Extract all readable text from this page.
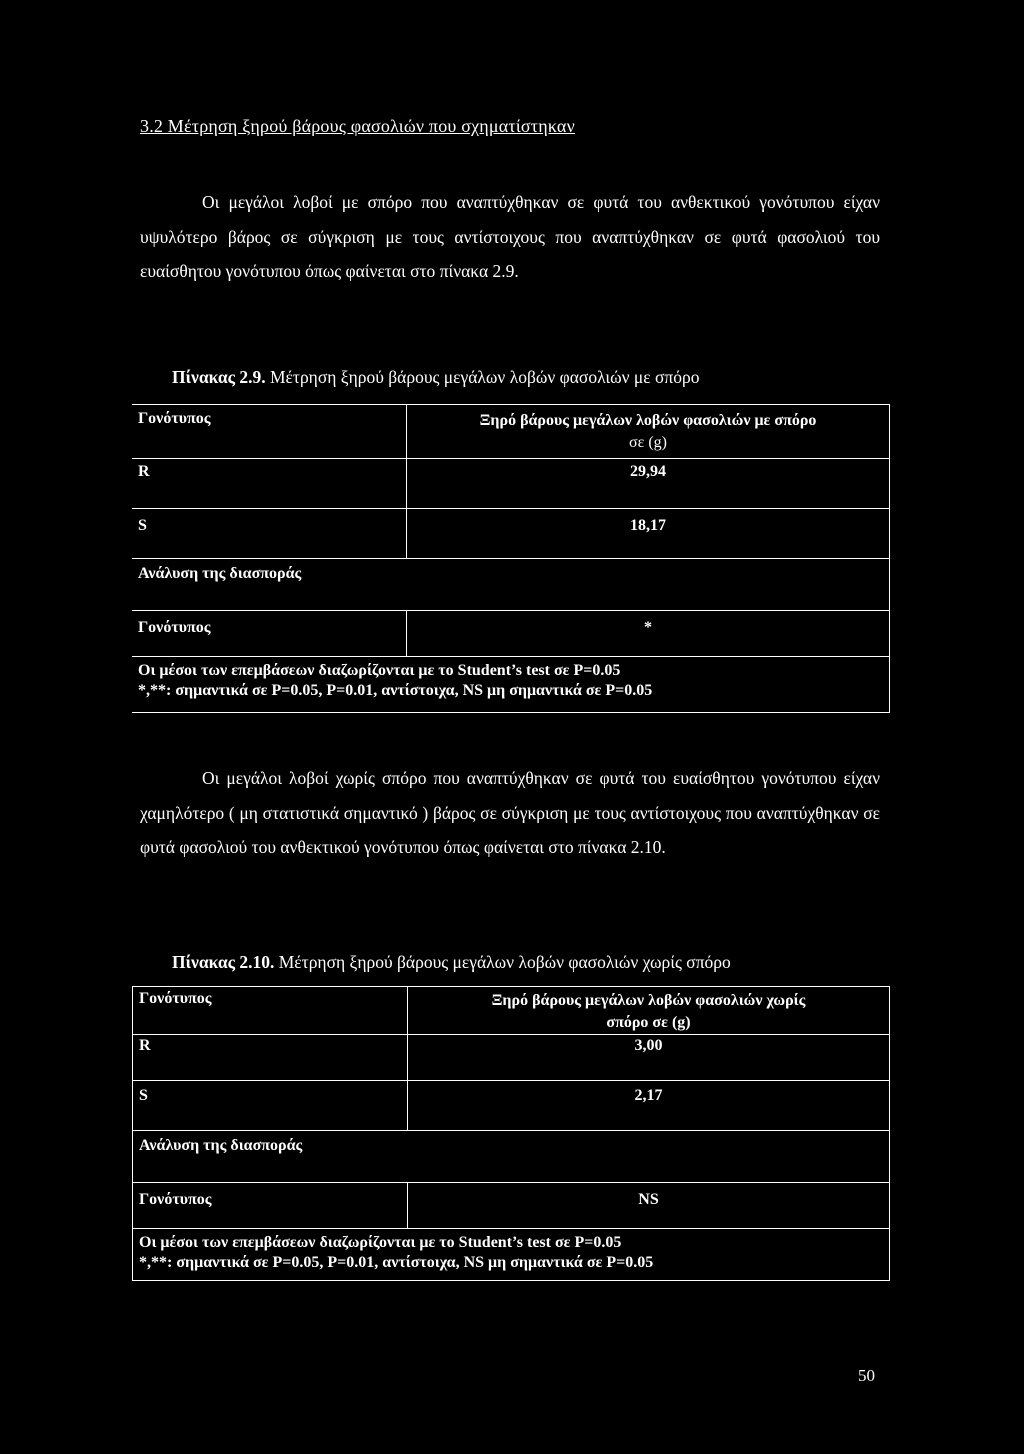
3.2 Μέτρηση ξηρού βάρους φασολιών που σχηματίστηκαν
Οι μεγάλοι λοβοί με σπόρο που αναπτύχθηκαν σε φυτά του ανθεκτικού γονότυπου είχαν υψυλότερο βάρος σε σύγκριση με τους αντίστοιχους που αναπτύχθηκαν σε φυτά φασολιού του ευαίσθητου γονότυπου όπως φαίνεται στο πίνακα 2.9.
Πίνακας 2.9. Μέτρηση ξηρού βάρους μεγάλων λοβών φασολιών με σπόρο
Γονότυπος	Ξηρό βάρους μεγάλων λοβών φασολιών με σπόρο
σε (g)

R	29,94
S	18,17
Ανάλυση της διασποράς	
Γονότυπος	*

Οι μέσοι των επεμβάσεων διαζωρίζονται με το Student’s test σε P=0.05
*,**: σημαντικά σε P=0.05, P=0.01, αντίστοιχα, NS μη σημαντικά σε P=0.05	
Οι μεγάλοι λοβοί χωρίς σπόρο που αναπτύχθηκαν σε φυτά του ευαίσθητου γονότυπου είχαν χαμηλότερο ( μη στατιστικά σημαντικό ) βάρος σε σύγκριση με τους αντίστοιχους που αναπτύχθηκαν σε φυτά φασολιού του ανθεκτικού γονότυπου όπως φαίνεται στο πίνακα 2.10.
Πίνακας 2.10. Μέτρηση ξηρού βάρους μεγάλων λοβών φασολιών χωρίς σπόρο
Γονότυπος	Ξηρό βάρους μεγάλων λοβών φασολιών χωρίς
σπόρο σε (g)

R	3,00
S	2,17
Ανάλυση της διασποράς	
Γονότυπος	NS

Οι μέσοι των επεμβάσεων διαζωρίζονται με το Student’s test σε P=0.05
*,**: σημαντικά σε P=0.05, P=0.01, αντίστοιχα, NS μη σημαντικά σε P=0.05	
50
